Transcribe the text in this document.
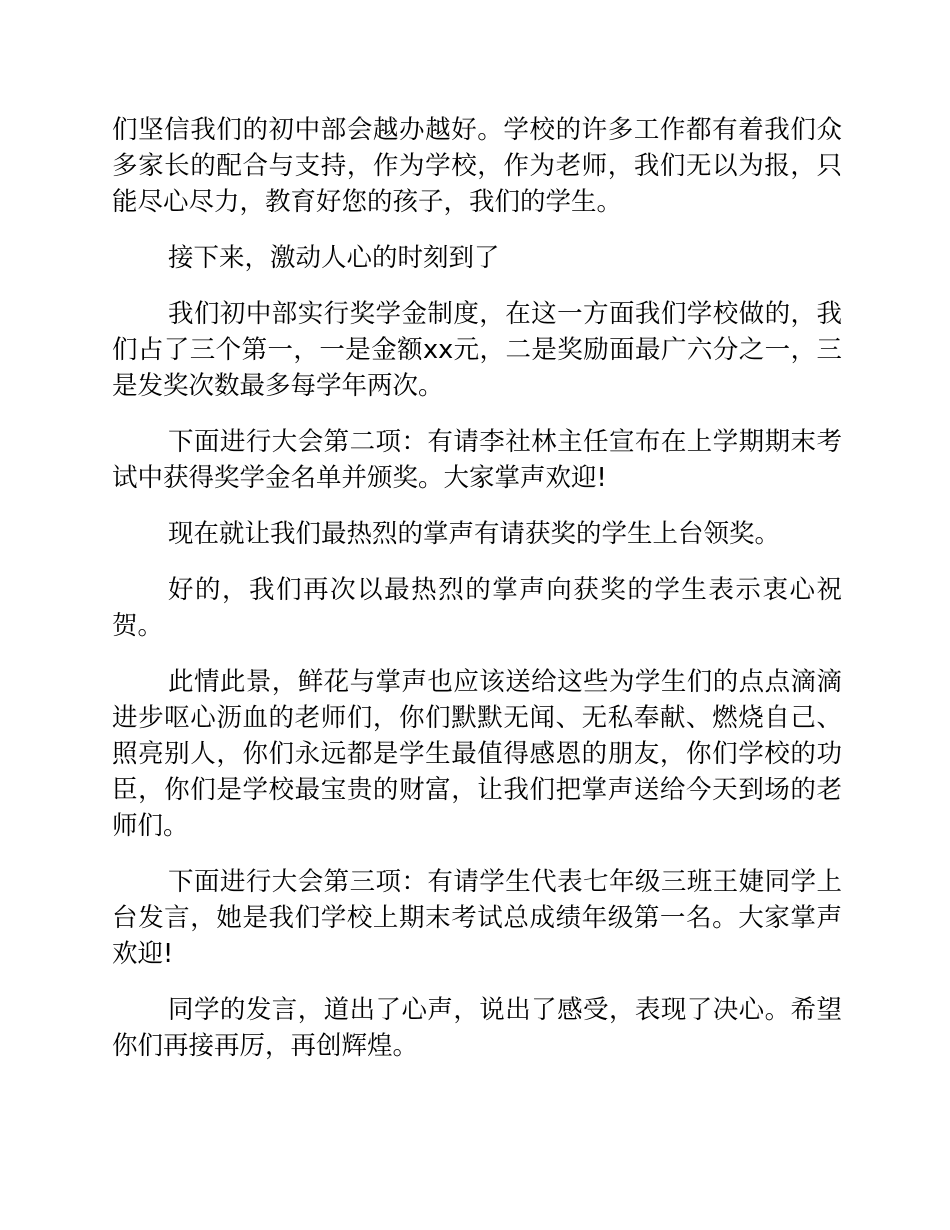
们坚信我们的初中部会越办越好。学校的许多工作都有着我们众多家长的配合与支持，作为学校，作为老师，我们无以为报，只能尽心尽力，教育好您的孩子，我们的学生。

接下来，激动人心的时刻到了

我们初中部实行奖学金制度，在这一方面我们学校做的，我们占了三个第一，一是金额xx元，二是奖励面最广六分之一，三是发奖次数最多每学年两次。

下面进行大会第二项：有请李社林主任宣布在上学期期末考试中获得奖学金名单并颁奖。大家掌声欢迎!

现在就让我们最热烈的掌声有请获奖的学生上台领奖。

好的，我们再次以最热烈的掌声向获奖的学生表示衷心祝贺。

此情此景，鲜花与掌声也应该送给这些为学生们的点点滴滴进步呕心沥血的老师们，你们默默无闻、无私奉献、燃烧自己、照亮别人，你们永远都是学生最值得感恩的朋友，你们学校的功臣，你们是学校最宝贵的财富，让我们把掌声送给今天到场的老师们。

下面进行大会第三项：有请学生代表七年级三班王婕同学上台发言，她是我们学校上期末考试总成绩年级第一名。大家掌声欢迎!

同学的发言，道出了心声，说出了感受，表现了决心。希望你们再接再厉，再创辉煌。
